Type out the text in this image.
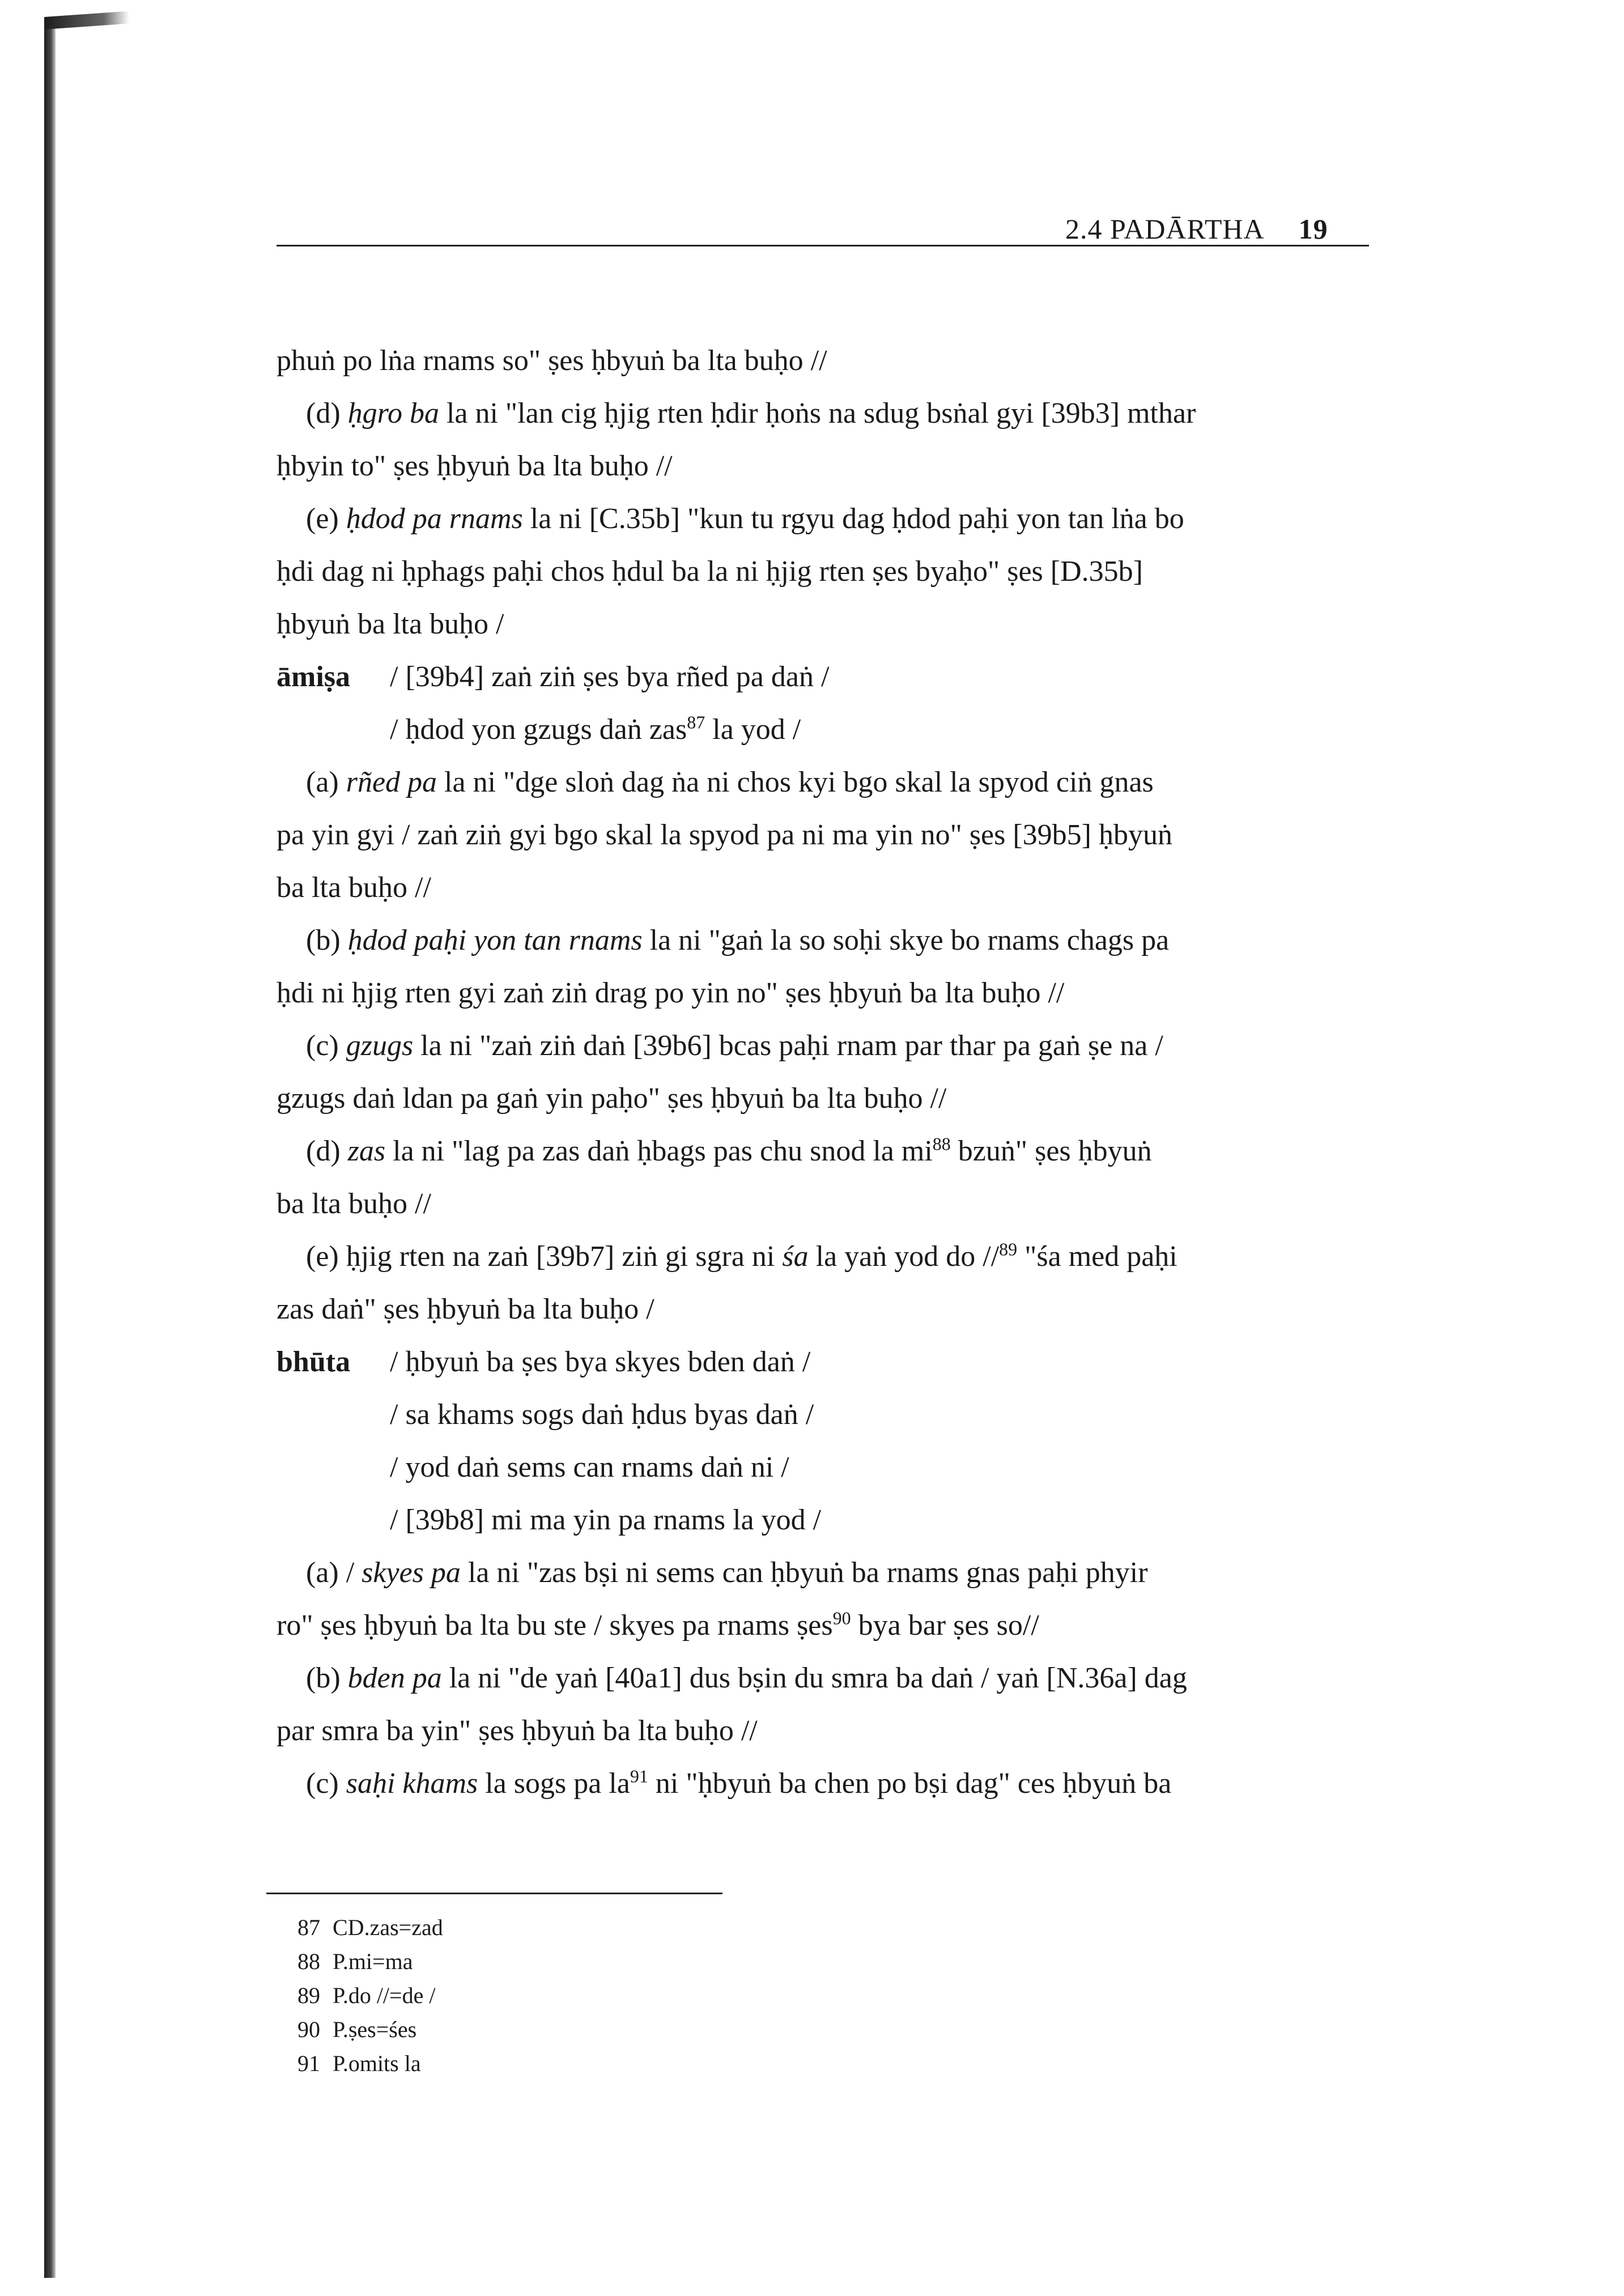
2.4 PADĀRTHA 19
phuṅ po lṅa rnams so" ṣes ḥbyuṅ ba lta buḥo //
(d) ḥgro ba la ni "lan cig ḥjig rten ḥdir ḥoṅs na sdug bsṅal gyi [39b3] mthar
ḥbyin to" ṣes ḥbyuṅ ba lta buḥo //
(e) ḥdod pa rnams la ni [C.35b] "kun tu rgyu dag ḥdod paḥi yon tan lṅa bo
ḥdi dag ni ḥphags paḥi chos ḥdul ba la ni ḥjig rten ṣes byaḥo" ṣes [D.35b]
ḥbyuṅ ba lta buḥo /
āmiṣa / [39b4] zaṅ ziṅ ṣes bya rñed pa daṅ /
/ ḥdod yon gzugs daṅ zas$^{87}$ la yod /
(a) rñed pa la ni "dge sloṅ dag ṅa ni chos kyi bgo skal la spyod ciṅ gnas
pa yin gyi / zaṅ ziṅ gyi bgo skal la spyod pa ni ma yin no" ṣes [39b5] ḥbyuṅ
ba lta buḥo //
(b) ḥdod paḥi yon tan rnams la ni "gaṅ la so soḥi skye bo rnams chags pa
ḥdi ni ḥjig rten gyi zaṅ ziṅ drag po yin no" ṣes ḥbyuṅ ba lta buḥo //
(c) gzugs la ni "zaṅ ziṅ daṅ [39b6] bcas paḥi rnam par thar pa gaṅ ṣe na /
gzugs daṅ ldan pa gaṅ yin paḥo" ṣes ḥbyuṅ ba lta buḥo //
(d) zas la ni "lag pa zas daṅ ḥbags pas chu snod la $mi^{88}$ bzuṅ" ṣes ḥbyuṅ
ba lta buḥo //
(e) ḥjig rten na zaṅ [39b7] ziṅ gi sgra ni śa la yaṅ yod do //$^{89}$ "śa med paḥi
zas daṅ" ṣes ḥbyuṅ ba lta buḥo /
bhūta / ḥbyuṅ ba ṣes bya skyes bden daṅ /
/ sa khams sogs daṅ ḥdus byas daṅ /
/ yod daṅ sems can rnams daṅ ni /
/ [39b8] mi ma yin pa rnams la yod /
(a) / skyes pa la ni "zas bṣi ni sems can ḥbyuṅ ba rnams gnas paḥi phyir
ro" ṣes ḥbyuṅ ba lta bu ste / skyes pa rnams ṣes$^{90}$ bya bar ṣes so//
(b) bden pa la ni "de yaṅ [40a1] dus bṣin du smra ba daṅ / yaṅ [N.36a] dag
par smra ba yin" ṣes ḥbyuṅ ba lta buḥo //
(c) saḥi khams la sogs pa $la^{91}$ ni "ḥbyuṅ ba chen po bṣi dag" ces ḥbyuṅ ba
87 CD.zas=zad
88 P.mi=ma
89 P.do //=de /
90 P.ṣes=śes
91 P.omits la
